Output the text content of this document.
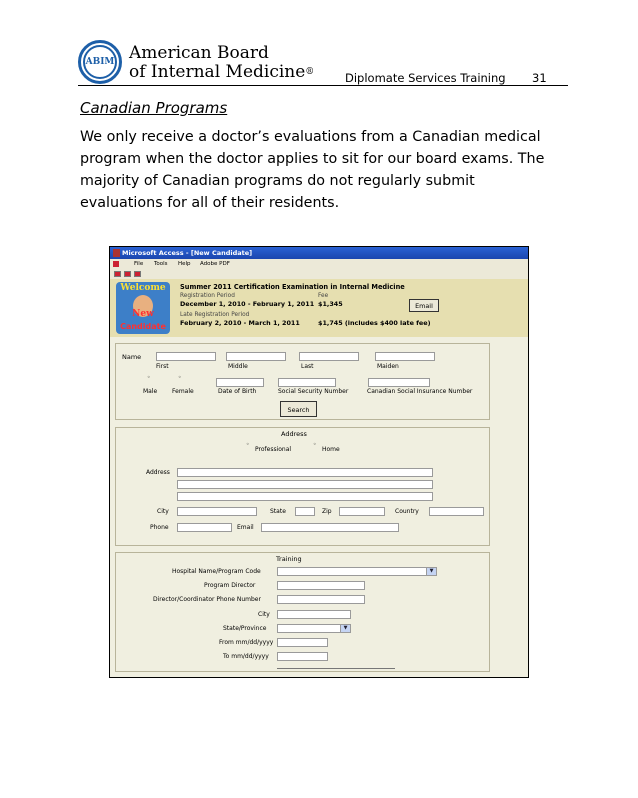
ABIM American Board
of Internal Medicine®	Diplomate Services Training 31
Canadian Programs
We only receive a doctor’s evaluations from a Canadian medical program when the doctor applies to sit for our board exams. The majority of Canadian programs do not regularly submit evaluations for all of their residents.
Microsoft Access - [New Candidate]
File Tools Help Adobe PDF
Welcome
New
Candidate
Summer 2011 Certification Examination in Internal Medicine
Registration Period
December 1, 2010 - February 1, 2011
Fee
$1,345
Late Registration Period
February 2, 2010 - March 1, 2011	$1,745 (includes $400 late fee)
Email
Name
First	Middle	Last	Maiden
◦	◦
Male Female	Date of Birth	Social Security Number	Canadian Social Insurance Number
Search
Address
◦
Professional
◦
Home
Address
City	State	Zip	Country
Phone	Email
Training
Hospital Name/Program Code	▼
Program Director
Director/Coordinator Phone Number
City
State/Province	▼
From mm/dd/yyyy
To mm/dd/yyyy
